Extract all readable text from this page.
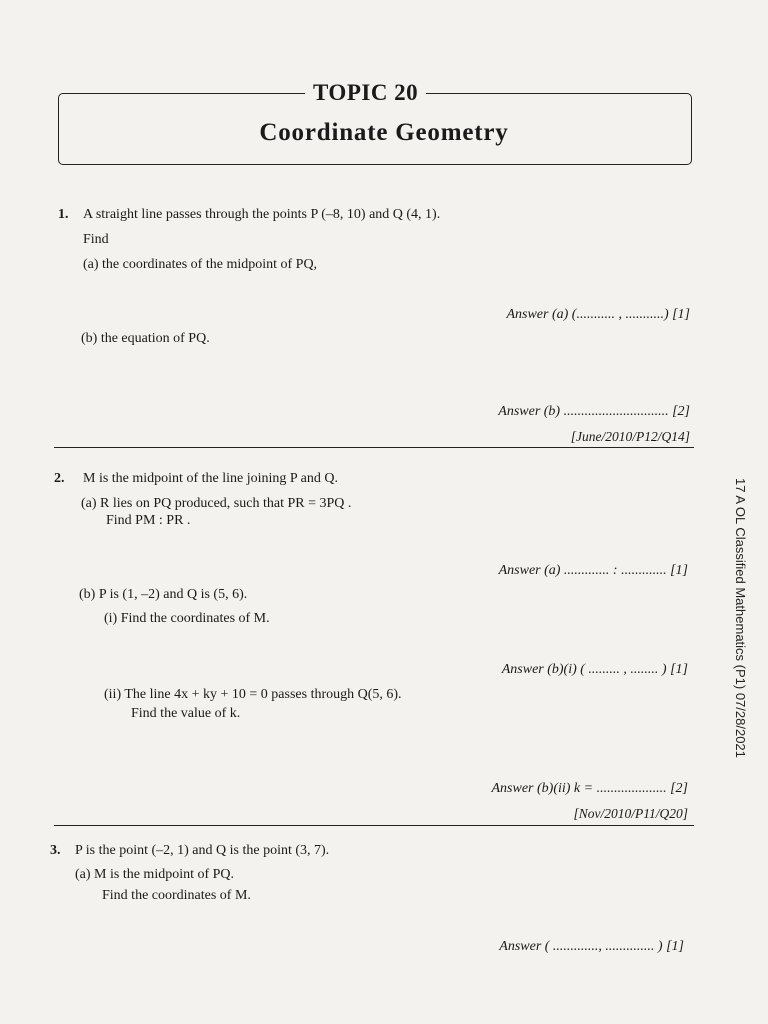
TOPIC 20
Coordinate Geometry
1. A straight line passes through the points P (–8, 10) and Q (4, 1).
Find
(a) the coordinates of the midpoint of PQ,
Answer (a) (........... , ...........) [1]
(b) the equation of PQ.
Answer (b) .............................. [2]
[June/2010/P12/Q14]
2. M is the midpoint of the line joining P and Q.
(a) R lies on PQ produced, such that PR = 3PQ .
Find PM : PR .
Answer (a) ............. : ............. [1]
(b) P is (1, –2) and Q is (5, 6).
(i) Find the coordinates of M.
Answer (b)(i) ( ......... , ........ ) [1]
(ii) The line 4x + ky + 10 = 0 passes through Q(5, 6).
Find the value of k.
Answer (b)(ii) k = .................... [2]
[Nov/2010/P11/Q20]
3. P is the point (–2, 1) and Q is the point (3, 7).
(a) M is the midpoint of PQ.
Find the coordinates of M.
Answer ( ............., .............. ) [1]
17 A OL Classified Mathematics (P1) 07/28/2021
